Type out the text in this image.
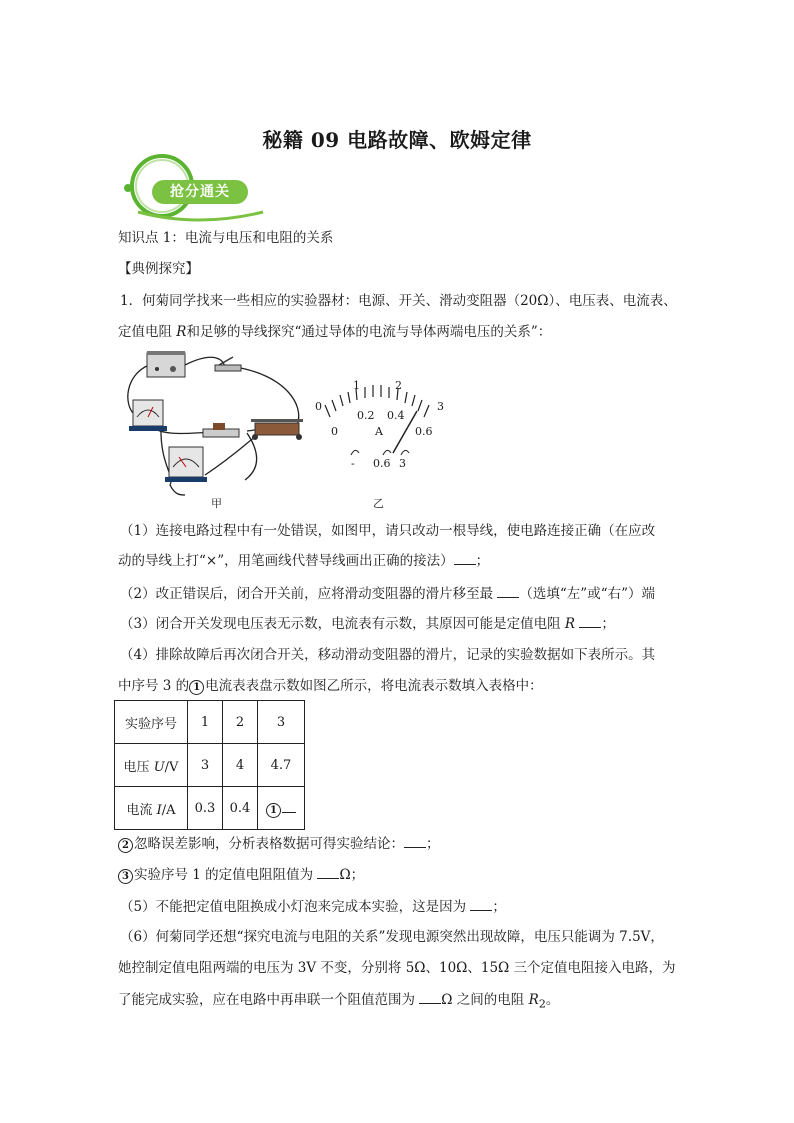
秘籍 09 电路故障、欧姆定律
抢分通关
知识点 1：电流与电压和电阻的关系
【典例探究】
1．何菊同学找来一些相应的实验器材：电源、开关、滑动变阻器（20Ω）、电压表、电流表、
定值电阻 R和足够的导线探究“通过导体的电流与导体两端电压的关系”：
0
1	2
3
0
0.2 0.4
0.6
A
- 0.6 3
甲	乙
（1）连接电路过程中有一处错误，如图甲，请只改动一根导线，使电路连接正确（在应改
动的导线上打“×”，用笔画线代替导线画出正确的接法） ；
（2）改正错误后，闭合开关前，应将滑动变阻器的滑片移至最 （选填“左”或“右”）端
（3）闭合开关发现电压表无示数，电流表有示数，其原因可能是定值电阻 R ；
（4）排除故障后再次闭合开关，移动滑动变阻器的滑片，记录的实验数据如下表所示。其
中序号 3 的 1 电流表表盘示数如图乙所示，将电流表示数填入表格中：
实验序号	1	2	3
电压 U/V	3	4	4.7
电流 I/A	0.3	0.4	1
2 忽略误差影响，分析表格数据可得实验结论： ；
3 实验序号 1 的定值电阻阻值为 Ω；
（5）不能把定值电阻换成小灯泡来完成本实验，这是因为 ；
（6）何菊同学还想“探究电流与电阻的关系”发现电源突然出现故障，电压只能调为 7.5V，
她控制定值电阻两端的电压为 3V 不变，分别将 5Ω、10Ω、15Ω 三个定值电阻接入电路，为
了能完成实验，应在电路中再串联一个阻值范围为 Ω 之间的电阻 $R_2$。
